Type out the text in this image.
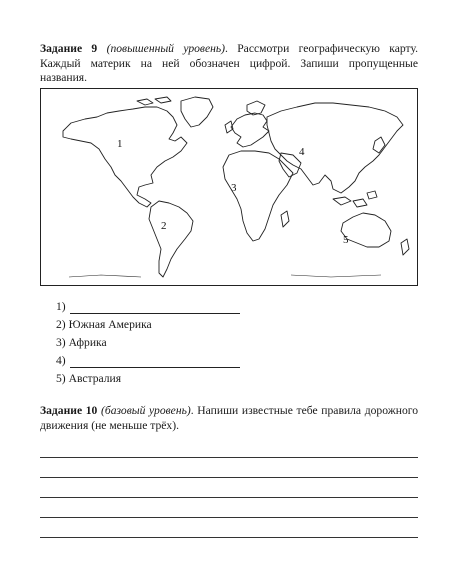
Задание 9 (повышенный уровень). Рассмотри географическую карту. Каждый материк на ней обозначен цифрой. Запиши пропущенные названия.
1
2
3
4
5
1)
2)
Южная Америка
3)
Африка
4)
5)
Австралия
Задание 10 (базовый уровень). Напиши известные тебе правила дорожного движения (не меньше трёх).
